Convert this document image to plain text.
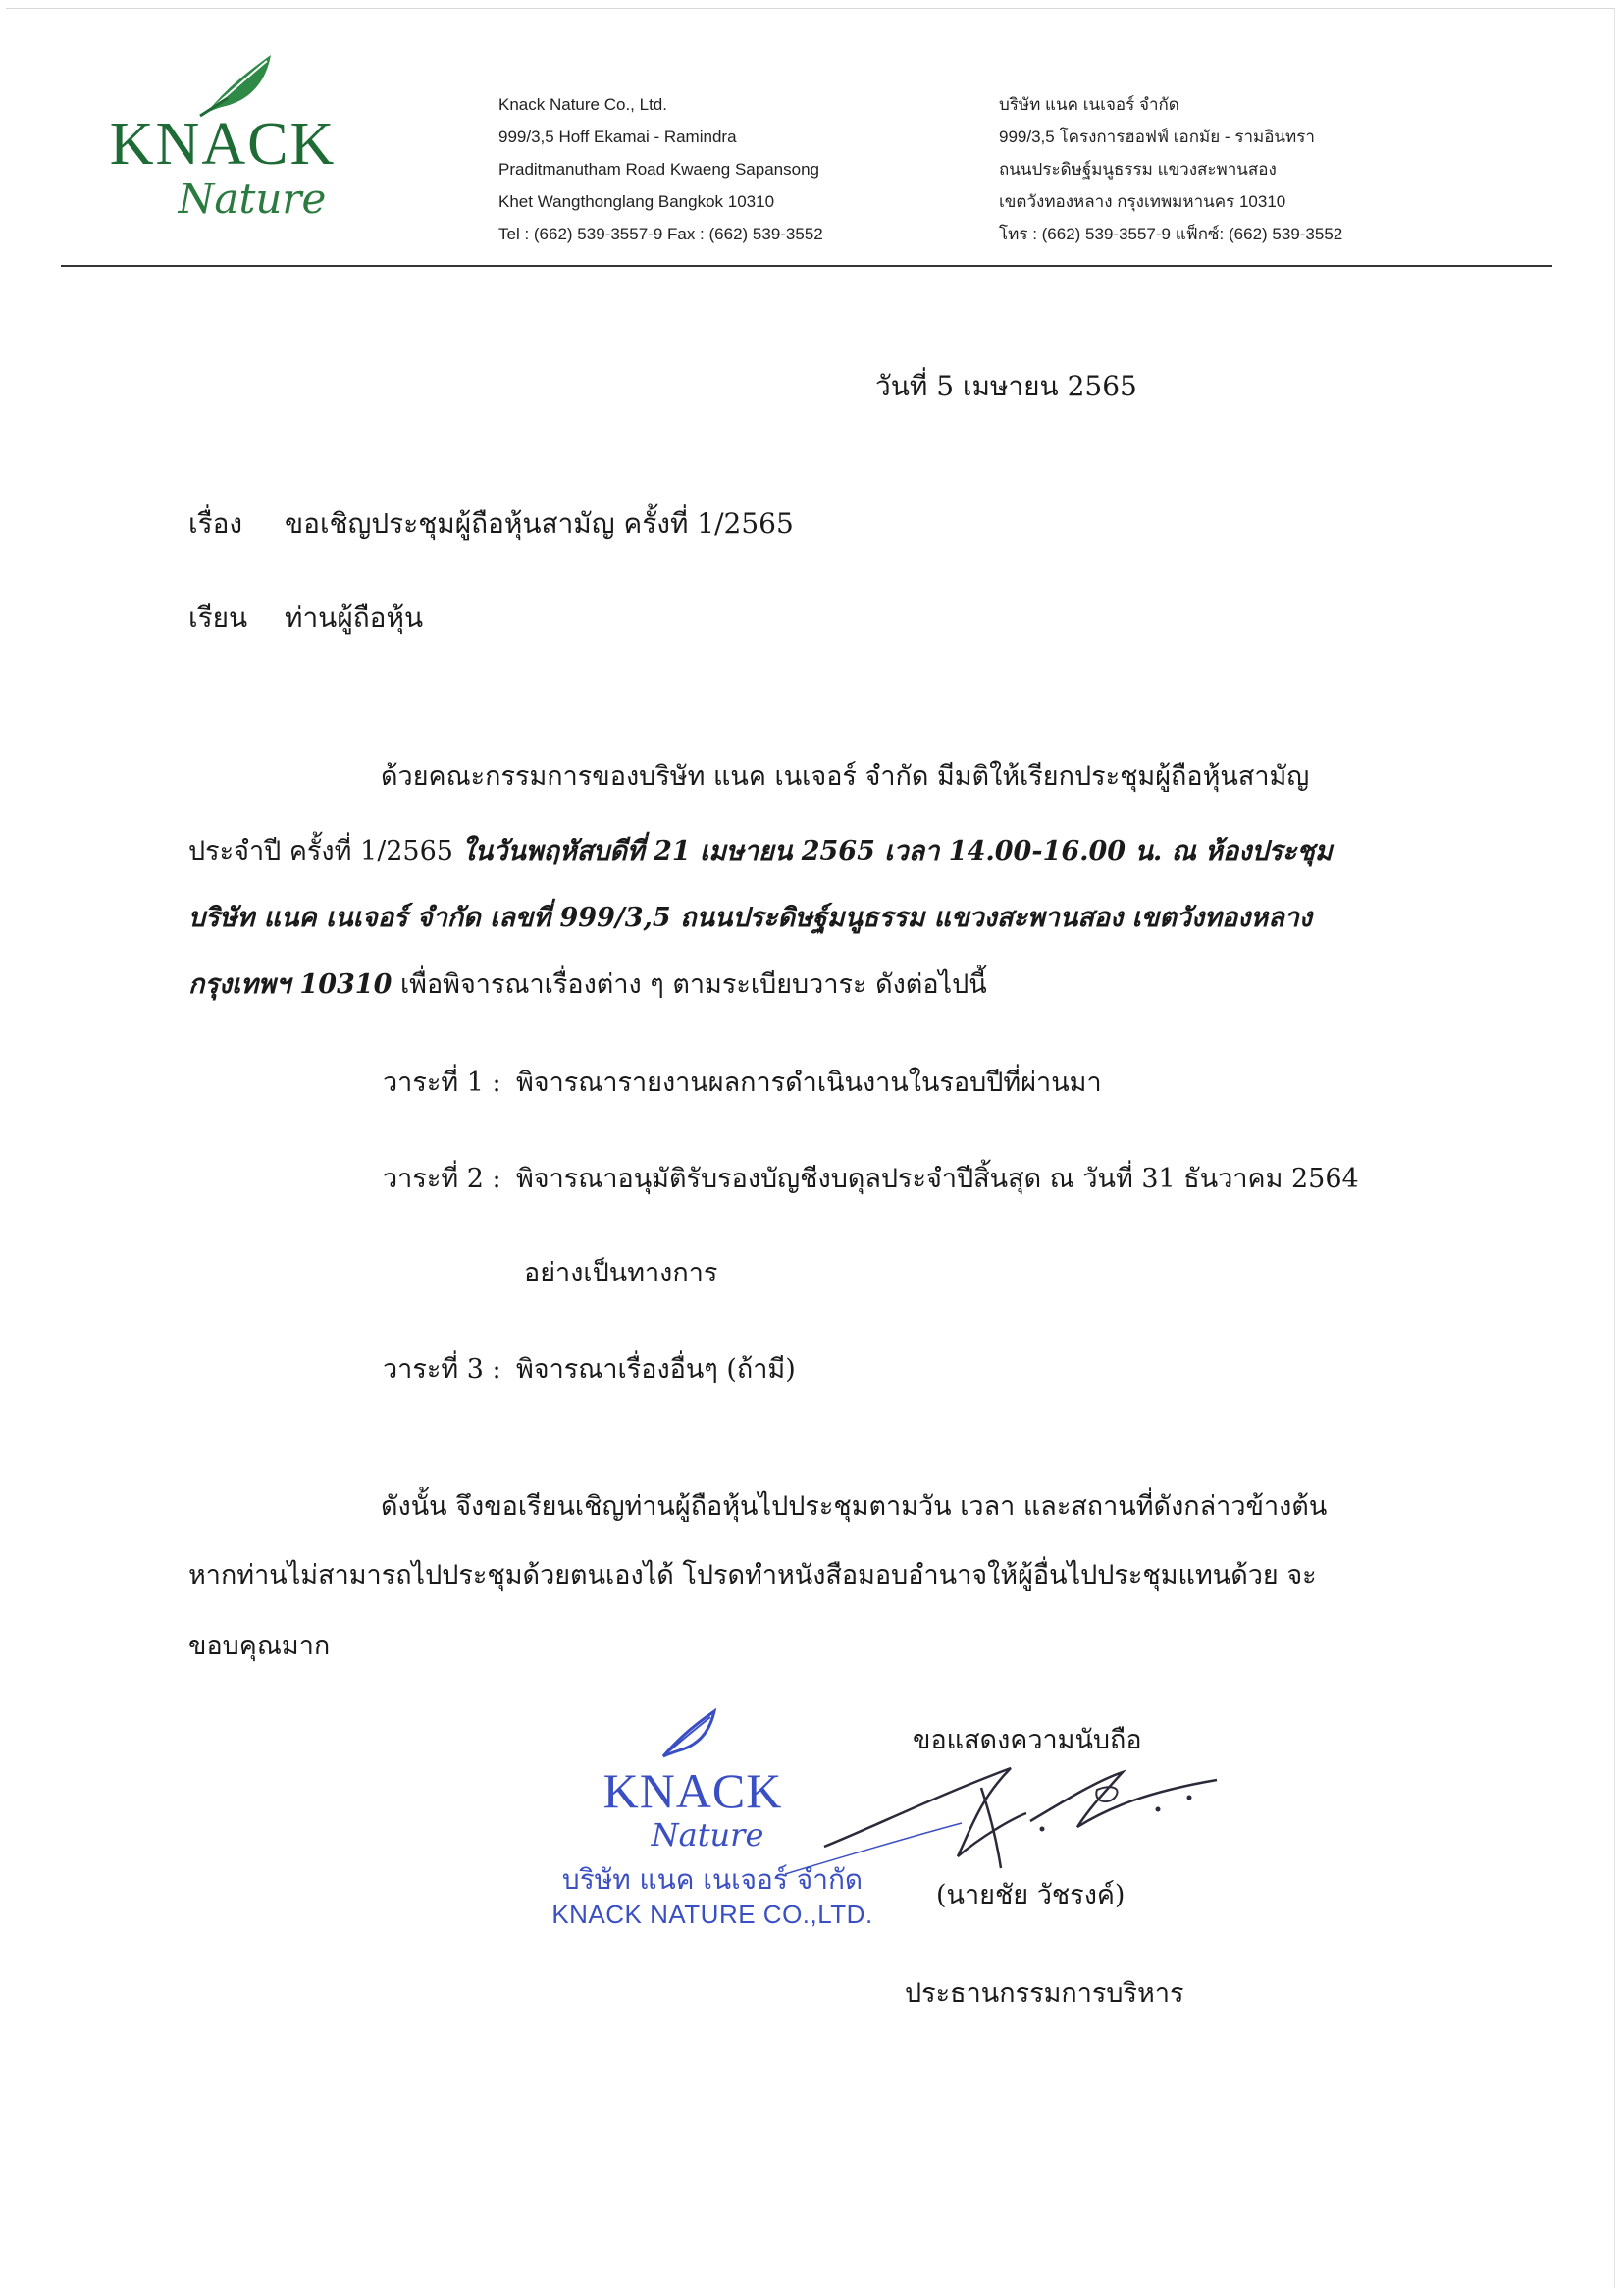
KNACK
Nature
Knack Nature Co., Ltd.
999/3,5 Hoff Ekamai - Ramindra
Praditmanutham Road Kwaeng Sapansong
Khet Wangthonglang Bangkok 10310
Tel : (662) 539-3557-9 Fax : (662) 539-3552
บริษัท แนค เนเจอร์ จำกัด
999/3,5 โครงการฮอฟฟ์ เอกมัย - รามอินทรา
ถนนประดิษฐ์มนูธรรม แขวงสะพานสอง
เขตวังทองหลาง กรุงเทพมหานคร 10310
โทร : (662) 539-3557-9 แฟ็กซ์: (662) 539-3552
วันที่ 5 เมษายน 2565
เรื่อง ขอเชิญประชุมผู้ถือหุ้นสามัญ ครั้งที่ 1/2565
เรียน ท่านผู้ถือหุ้น
ด้วยคณะกรรมการของบริษัท แนค เนเจอร์ จำกัด มีมติให้เรียกประชุมผู้ถือหุ้นสามัญ
ประจำปี ครั้งที่ 1/2565 ในวันพฤหัสบดีที่ 21 เมษายน 2565 เวลา 14.00-16.00 น. ณ ห้องประชุม
บริษัท แนค เนเจอร์ จำกัด เลขที่ 999/3,5 ถนนประดิษฐ์มนูธรรม แขวงสะพานสอง เขตวังทองหลาง
กรุงเทพฯ 10310 เพื่อพิจารณาเรื่องต่าง ๆ ตามระเบียบวาระ ดังต่อไปนี้
วาระที่ 1 : พิจารณารายงานผลการดำเนินงานในรอบปีที่ผ่านมา
วาระที่ 2 : พิจารณาอนุมัติรับรองบัญชีงบดุลประจำปีสิ้นสุด ณ วันที่ 31 ธันวาคม 2564
อย่างเป็นทางการ
วาระที่ 3 : พิจารณาเรื่องอื่นๆ (ถ้ามี)
ดังนั้น จึงขอเรียนเชิญท่านผู้ถือหุ้นไปประชุมตามวัน เวลา และสถานที่ดังกล่าวข้างต้น
หากท่านไม่สามารถไปประชุมด้วยตนเองได้ โปรดทำหนังสือมอบอำนาจให้ผู้อื่นไปประชุมแทนด้วย จะ
ขอบคุณมาก
ขอแสดงความนับถือ
KNACK
Nature
บริษัท แนค เนเจอร์ จำกัด
KNACK NATURE CO.,LTD.
(นายชัย วัชรงค์)
ประธานกรรมการบริหาร
